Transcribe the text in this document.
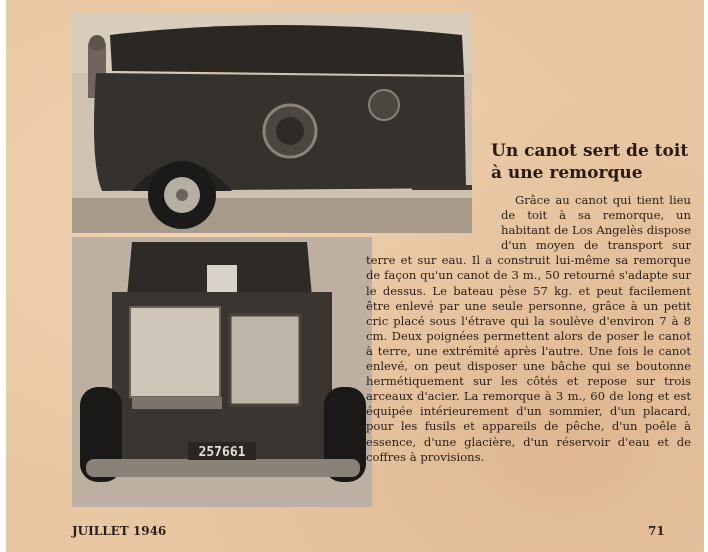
257661
Un canot sert de toit
à une remorque
Grâce au canot qui tient lieu de toit à sa remorque, un habitant de Los Angelès dispose d'un moyen de transport sur terre et sur eau. Il a construit lui-même sa remorque de façon qu'un canot de 3 m., 50 retourné s'adapte sur le dessus. Le bateau pèse 57 kg. et peut facilement être enlevé par une seule personne, grâce à un petit cric placé sous l'étrave qui la soulève d'environ 7 à 8 cm. Deux poignées permettent alors de poser le canot à terre, une extrémité après l'autre. Une fois le canot enlevé, on peut disposer une bâche qui se boutonne hermétiquement sur les côtés et repose sur trois arceaux d'acier. La remorque à 3 m., 60 de long et est équipée intérieurement d'un sommier, d'un placard, pour les fusils et appareils de pêche, d'un poêle à essence, d'une glacière, d'un réservoir d'eau et de coffres à provisions.
JUILLET 1946	71
